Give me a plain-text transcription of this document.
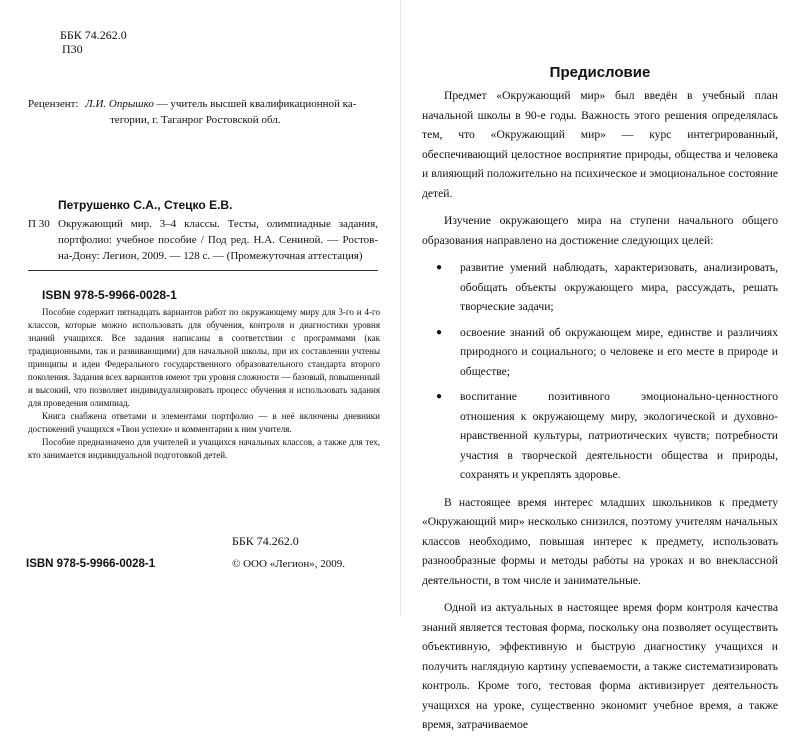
ББК 74.262.0
П30
Рецензент: Л.И. Опрышко — учитель высшей квалификационной ка-
тегории, г. Таганрог Ростовской обл.
Петрушенко С.А., Стецко Е.В.
П 30 Окружающий мир. 3–4 классы. Тесты, олимпиадные задания, портфолио: учебное пособие / Под ред. Н.А. Сениной. — Ростов-на-Дону: Легион, 2009. — 128 с. — (Промежуточная аттестация)
ISBN 978-5-9966-0028-1

Пособие содержит пятнадцать вариантов работ по окружающему миру для 3-го и 4-го классов, которые можно использовать для обучения, контроля и диагностики уровня знаний учащихся. Все задания написаны в соответствии с программами (как традиционными, так и развивающими) для начальной школы, при их составлении учтены принципы и идеи Федерального государственного образовательного стандарта второго поколения. Задания всех вариантов имеют три уровня сложности — базовый, повышенный и высокий, что позволяет индивидуализировать процесс обучения и использовать задания для проведения олимпиад.

Книга снабжена ответами и элементами портфолио — в неё включены дневники достижений учащихся «Твои успехи» и комментарии к ним учителя.

Пособие предназначено для учителей и учащихся начальных классов, а также для тех, кто занимается индивидуальной подготовкой детей.

ББК 74.262.0
ISBN 978-5-9966-0028-1	© ООО «Легион», 2009.
Предисловие

Предмет «Окружающий мир» был введён в учебный план начальной школы в 90-е годы. Важность этого решения определялась тем, что «Окружающий мир» — курс интегрированный, обеспечивающий целостное восприятие природы, общества и человека и влияющий положительно на психическое и эмоциональное состояние детей.

Изучение окружающего мира на ступени начального общего образования направлено на достижение следующих целей:

● развитие умений наблюдать, характеризовать, анализировать, обобщать объекты окружающего мира, рассуждать, решать творческие задачи;
● освоение знаний об окружающем мире, единстве и различиях природного и социального; о человеке и его месте в природе и обществе;
● воспитание позитивного эмоционально-ценностного отношения к окружающему миру, экологической и духовно-нравственной культуры, патриотических чувств; потребности участия в творческой деятельности общества и природы, сохранять и укреплять здоровье.

В настоящее время интерес младших школьников к предмету «Окружающий мир» несколько снизился, поэтому учителям начальных классов необходимо, повышая интерес к предмету, использовать разнообразные формы и методы работы на уроках и во внеклассной деятельности, в том числе и занимательные.

Одной из актуальных в настоящее время форм контроля качества знаний является тестовая форма, поскольку она позволяет осуществить объективную, эффективную и быструю диагностику учащихся и получить наглядную картину успеваемости, а также систематизировать контроль. Кроме того, тестовая форма активизирует деятельность учащихся на уроке, существенно экономит учебное время, а также время, затрачиваемое
